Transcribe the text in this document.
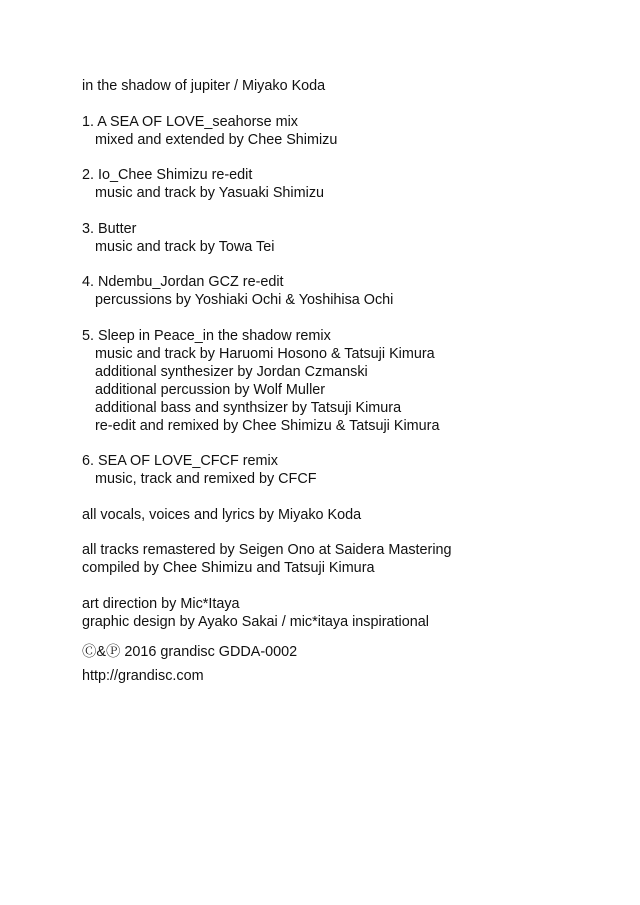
in the shadow of jupiter / Miyako Koda
1. A SEA OF LOVE_seahorse mix
mixed and extended by Chee Shimizu
2. Io_Chee Shimizu re-edit
music and track by Yasuaki Shimizu
3. Butter
music and track by Towa Tei
4. Ndembu_Jordan GCZ re-edit
percussions by Yoshiaki Ochi & Yoshihisa Ochi
5. Sleep in Peace_in the shadow remix
music and track by Haruomi Hosono & Tatsuji Kimura
additional synthesizer by Jordan Czmanski
additional percussion by Wolf Muller
additional bass and synthsizer by Tatsuji Kimura
re-edit and remixed by Chee Shimizu & Tatsuji Kimura
6. SEA OF LOVE_CFCF remix
music, track and remixed by CFCF
all vocals, voices and lyrics by Miyako Koda
all tracks remastered by Seigen Ono at Saidera Mastering
compiled by Chee Shimizu and Tatsuji Kimura
art direction by Mic*Itaya
graphic design by Ayako Sakai / mic*itaya inspirational
Ⓒ&Ⓟ 2016 grandisc GDDA-0002
http://grandisc.com
